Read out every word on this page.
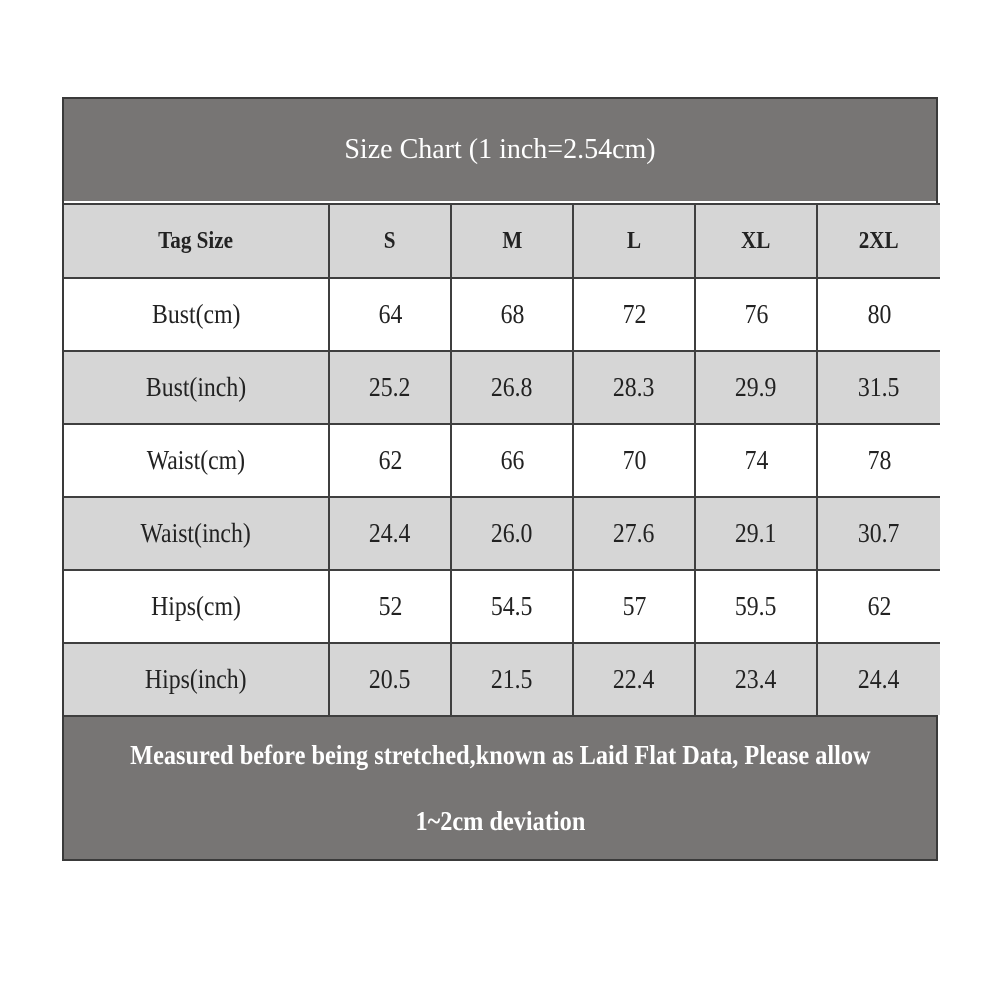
Size Chart (1 inch=2.54cm)
Tag Size	S	M	L	XL	2XL
Bust(cm)	64	68	72	76	80
Bust(inch)	25.2	26.8	28.3	29.9	31.5
Waist(cm)	62	66	70	74	78
Waist(inch)	24.4	26.0	27.6	29.1	30.7
Hips(cm)	52	54.5	57	59.5	62
Hips(inch)	20.5	21.5	22.4	23.4	24.4
Measured before being stretched,known as Laid Flat Data, Please allow
1~2cm deviation
